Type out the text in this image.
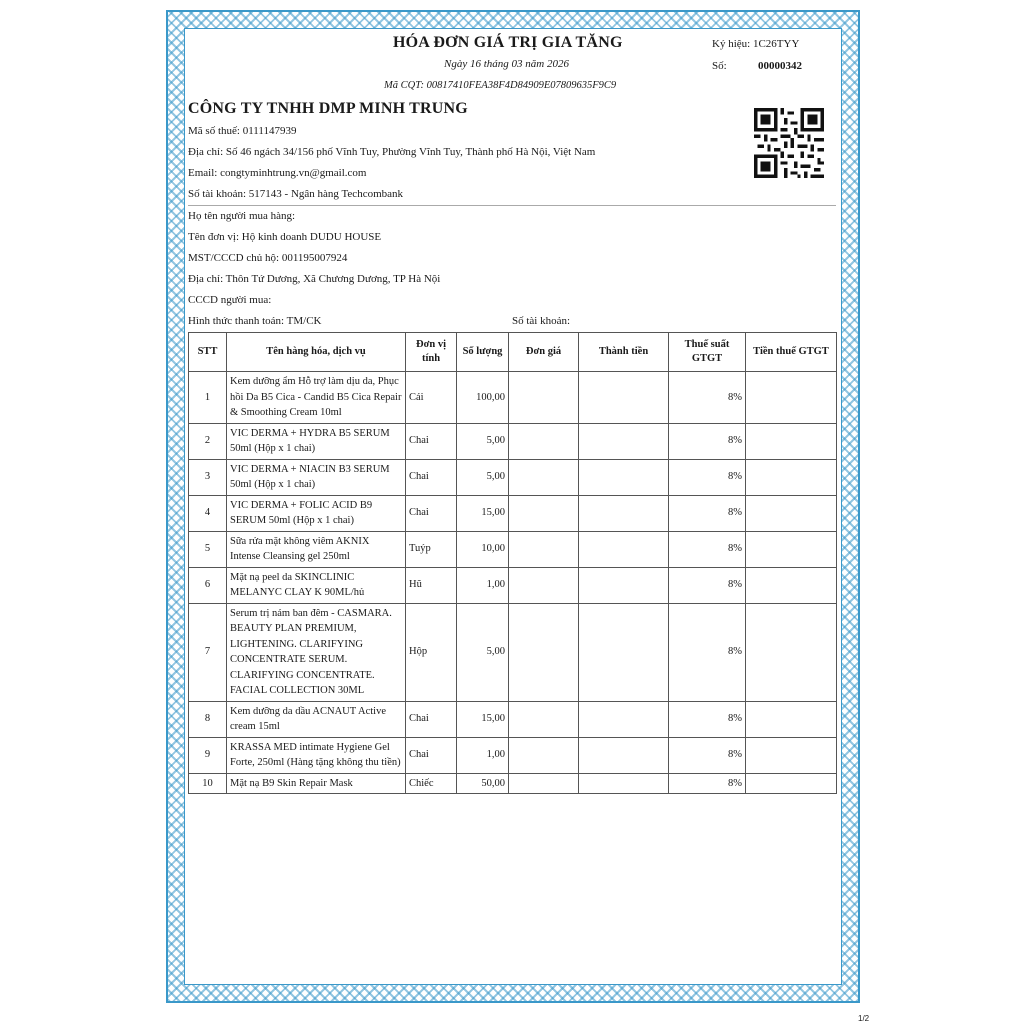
HÓA ĐƠN GIÁ TRỊ GIA TĂNG
Ngày 16 tháng 03 năm 2026
Mã CQT: 00817410FEA38F4D84909E07809635F9C9
Ký hiệu: 1C26TYY
Số:	00000342
CÔNG TY TNHH DMP MINH TRUNG
Mã số thuế: 0111147939
Địa chỉ: Số 46 ngách 34/156 phố Vĩnh Tuy, Phường Vĩnh Tuy, Thành phố Hà Nội, Việt Nam
Email: congtyminhtrung.vn@gmail.com
Số tài khoản: 517143 - Ngân hàng Techcombank
Họ tên người mua hàng:
Tên đơn vị: Hộ kinh doanh DUDU HOUSE
MST/CCCD chủ hộ: 001195007924
Địa chỉ: Thôn Tứ Dương, Xã Chương Dương, TP Hà Nội
CCCD người mua:
Hình thức thanh toán: TM/CK	Số tài khoản:
STT	Tên hàng hóa, dịch vụ	Đơn vị tính	Số lượng	Đơn giá	Thành tiền	Thuế suất GTGT	Tiền thuế GTGT
1	Kem dưỡng ẩm Hỗ trợ làm dịu da, Phục hồi Da B5 Cica - Candid B5 Cica Repair & Smoothing Cream 10ml	Cái	100,00			8%	
2	VIC DERMA + HYDRA B5 SERUM 50ml (Hộp x 1 chai)	Chai	5,00			8%	
3	VIC DERMA + NIACIN B3 SERUM 50ml (Hộp x 1 chai)	Chai	5,00			8%	
4	VIC DERMA + FOLIC ACID B9 SERUM 50ml (Hộp x 1 chai)	Chai	15,00			8%	
5	Sữa rửa mặt không viêm AKNIX Intense Cleansing gel 250ml	Tuýp	10,00			8%	
6	Mặt nạ peel da SKINCLINIC MELANYC CLAY K 90ML/hủ	Hũ	1,00			8%	
7	Serum trị nám ban đêm - CASMARA. BEAUTY PLAN PREMIUM, LIGHTENING. CLARIFYING CONCENTRATE SERUM. CLARIFYING CONCENTRATE. FACIAL COLLECTION 30ML	Hộp	5,00			8%	
8	Kem dưỡng da dầu ACNAUT Active cream 15ml	Chai	15,00			8%	
9	KRASSA MED intimate Hygiene Gel Forte, 250ml (Hàng tặng không thu tiền)	Chai	1,00			8%	
10	Mặt nạ B9 Skin Repair Mask	Chiếc	50,00			8%	
1/2
